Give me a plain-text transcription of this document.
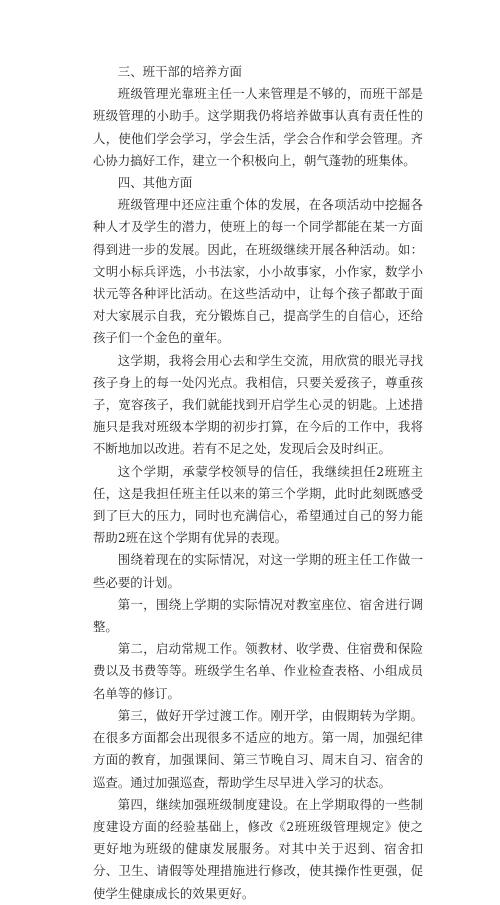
三、班干部的培养方面

班级管理光靠班主任一人来管理是不够的，而班干部是班级管理的小助手。这学期我仍将培养做事认真有责任性的人，使他们学会学习，学会生活，学会合作和学会管理。齐心协力搞好工作，建立一个积极向上，朝气蓬勃的班集体。

四、其他方面

班级管理中还应注重个体的发展，在各项活动中挖掘各种人才及学生的潜力，使班上的每一个同学都能在某一方面得到进一步的发展。因此，在班级继续开展各种活动。如：文明小标兵评选，小书法家，小小故事家，小作家，数学小状元等各种评比活动。在这些活动中，让每个孩子都敢于面对大家展示自我，充分锻炼自己，提高学生的自信心，还给孩子们一个金色的童年。

这学期，我将会用心去和学生交流，用欣赏的眼光寻找孩子身上的每一处闪光点。我相信，只要关爱孩子，尊重孩子，宽容孩子，我们就能找到开启学生心灵的钥匙。上述措施只是我对班级本学期的初步打算，在今后的工作中，我将不断地加以改进。若有不足之处，发现后会及时纠正。

这个学期，承蒙学校领导的信任，我继续担任2班班主任，这是我担任班主任以来的第三个学期，此时此刻既感受到了巨大的压力，同时也充满信心，希望通过自己的努力能帮助2班在这个学期有优异的表现。

围绕着现在的实际情况，对这一学期的班主任工作做一些必要的计划。

第一，围绕上学期的实际情况对教室座位、宿舍进行调整。

第二，启动常规工作。领教材、收学费、住宿费和保险费以及书费等等。班级学生名单、作业检查表格、小组成员名单等的修订。

第三，做好开学过渡工作。刚开学，由假期转为学期。在很多方面都会出现很多不适应的地方。第一周，加强纪律方面的教育，加强课间、第三节晚自习、周末自习、宿舍的巡查。通过加强巡查，帮助学生尽早进入学习的状态。

第四，继续加强班级制度建设。在上学期取得的一些制度建设方面的经验基础上，修改《2班班级管理规定》使之更好地为班级的健康发展服务。对其中关于迟到、宿舍扣分、卫生、请假等处理措施进行修改，使其操作性更强，促使学生健康成长的效果更好。
